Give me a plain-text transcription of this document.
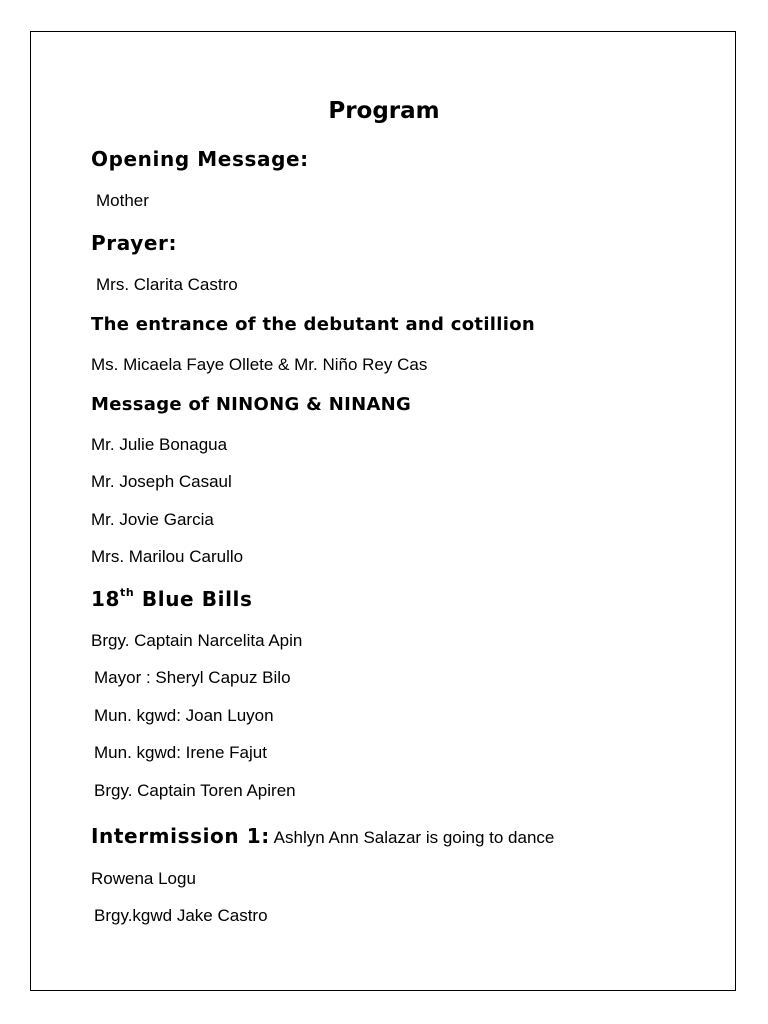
Program
Opening Message:
Mother
Prayer:
Mrs. Clarita Castro
The entrance of the debutant and cotillion
Ms. Micaela Faye Ollete & Mr. Niño Rey Cas
Message of NINONG & NINANG
Mr. Julie Bonagua
Mr. Joseph Casaul
Mr. Jovie Garcia
Mrs. Marilou Carullo
18th Blue Bills
Brgy. Captain Narcelita Apin
Mayor : Sheryl Capuz Bilo
Mun. kgwd: Joan Luyon
Mun. kgwd: Irene Fajut
Brgy. Captain Toren Apiren
Intermission 1: Ashlyn Ann Salazar is going to dance
Rowena Logu
Brgy.kgwd Jake Castro
